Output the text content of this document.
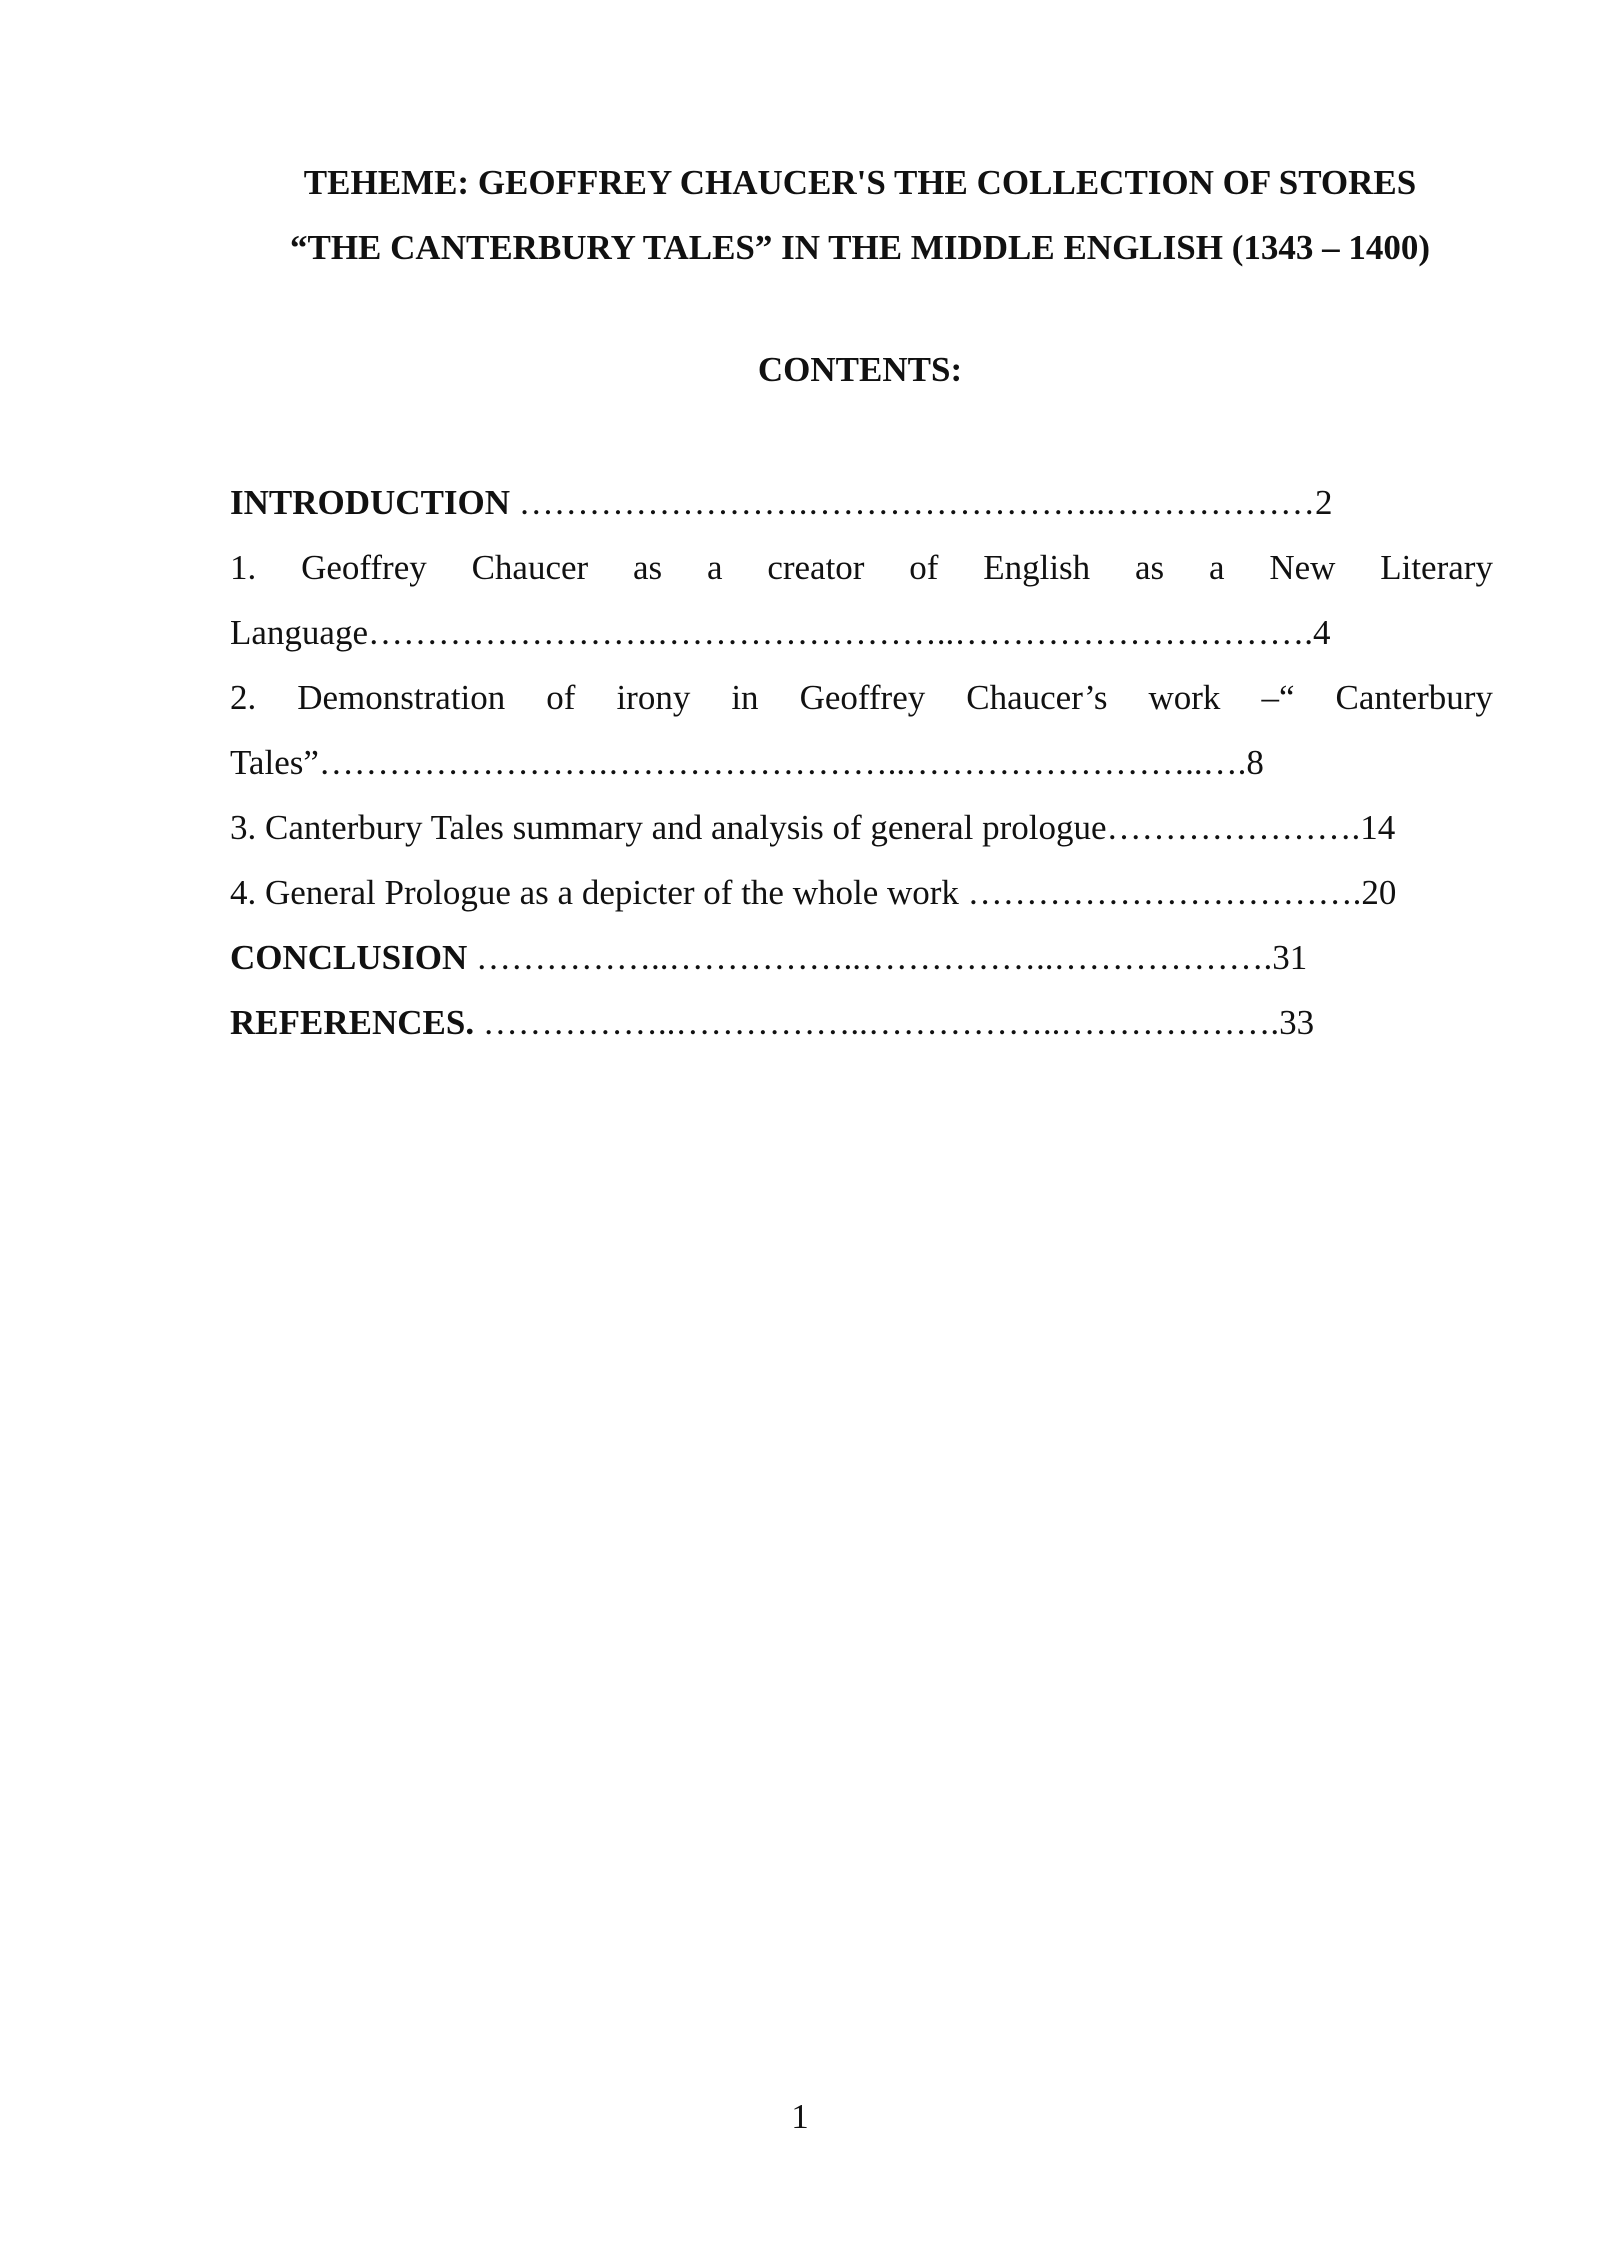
TEHEME: GEOFFREY CHAUCER'S THE COLLECTION OF STORES
“THE CANTERBURY TALES” IN THE MIDDLE ENGLISH (1343 – 1400)
CONTENTS:
INTRODUCTION …………………….……………………..………………2
1. Geoffrey Chaucer as a creator of English as a New Literary
Language…………………….……………………..………………………….4
2. Demonstration of irony in Geoffrey Chaucer’s work –“ Canterbury
Tales”…………………….……………………..……………………..….8
3. Canterbury Tales summary and analysis of general prologue………………….14
4. General Prologue as a depicter of the whole work …………………………….20
CONCLUSION ……………..……………..……………..……………….31
REFERENCES. ……………..……………..……………..……………….33
1
